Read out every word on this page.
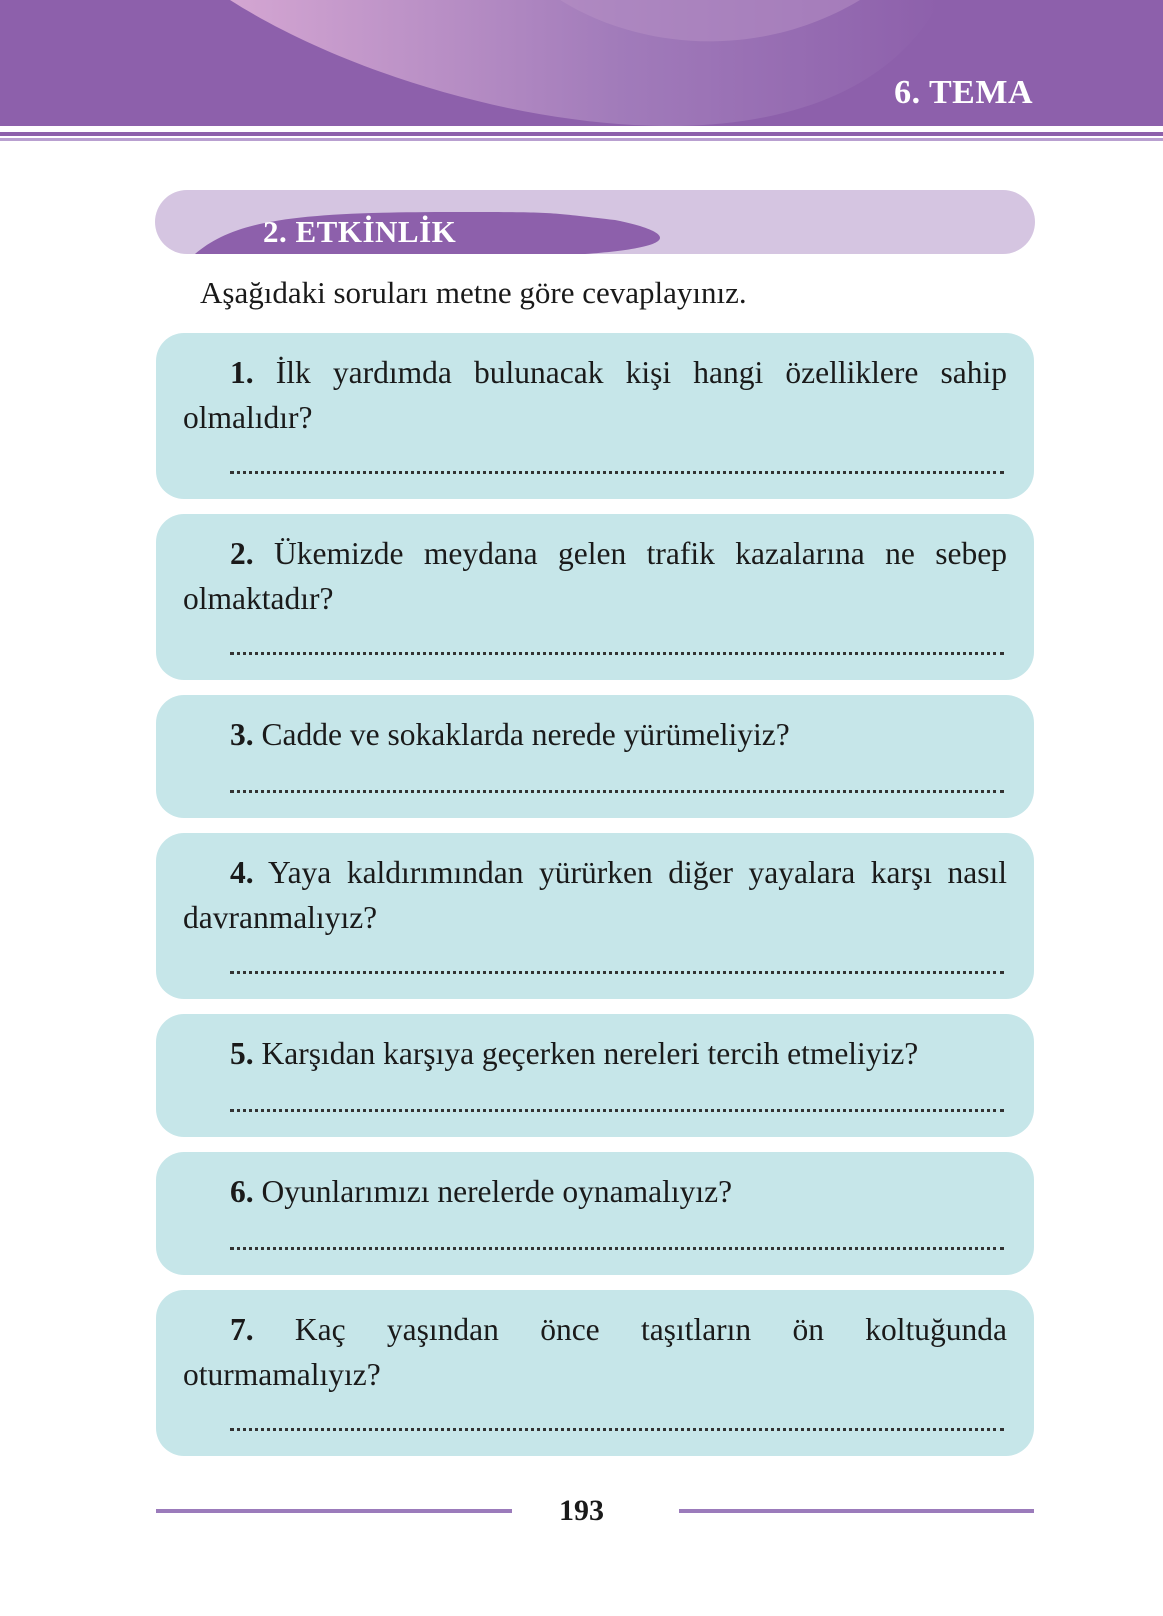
6. TEMA
2. ETKİNLİK
Aşağıdaki soruları metne göre cevaplayınız.

1. İlk yardımda bulunacak kişi hangi özelliklere sahip olmalıdır?

2. Ükemizde meydana gelen trafik kazalarına ne sebep olmaktadır?

3. Cadde ve sokaklarda nerede yürümeliyiz?

4. Yaya kaldırımından yürürken diğer yayalara karşı nasıl davranmalıyız?

5. Karşıdan karşıya geçerken nereleri tercih etmeliyiz?

6. Oyunlarımızı nerelerde oynamalıyız?

7. Kaç yaşından önce taşıtların ön koltuğunda oturmamalıyız?

193
